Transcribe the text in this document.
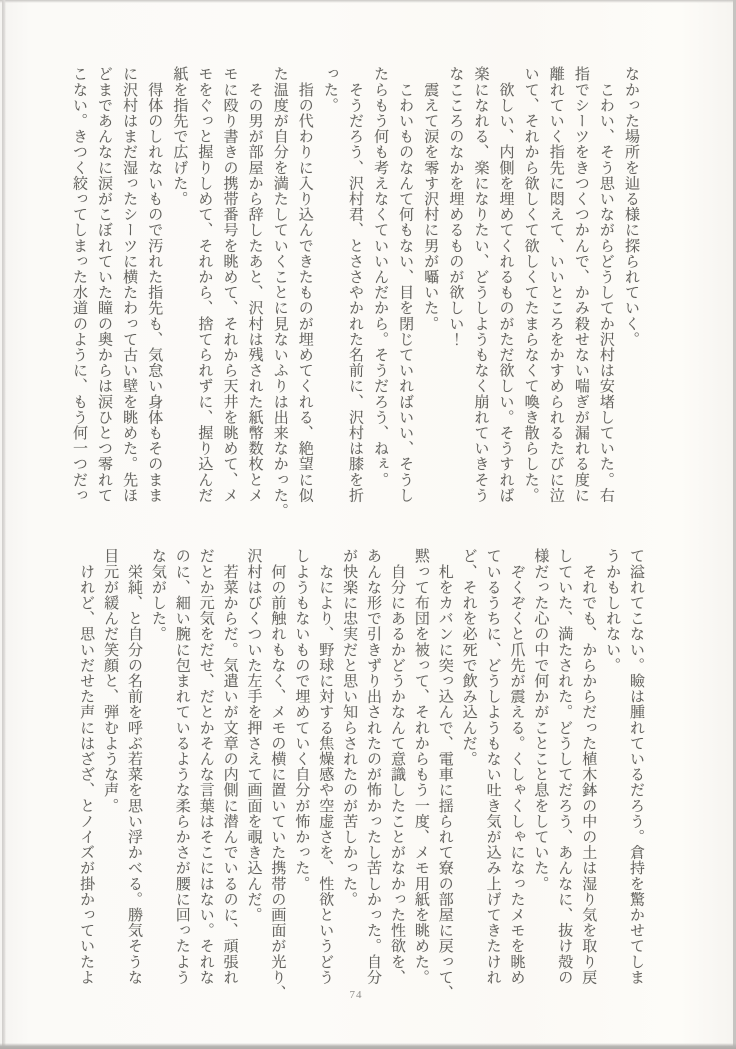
なかった場所を辿る様に探られていく。
　こわい、そう思いながらどうしてか沢村は安堵していた。右
指でシーツをきつくつかんで、かみ殺せない喘ぎが漏れる度に
離れていく指先に悶えて、いいところをかすめられるたびに泣
いて、それから欲しくて欲しくてたまらなくて喚き散らした。
　欲しい、内側を埋めてくれるものがただ欲しい。そうすれば
楽になれる、楽になりたい、どうしようもなく崩れていきそう
なこころのなかを埋めるものが欲しい！
　震えて涙を零す沢村に男が囁いた。
　こわいものなんて何もない、目を閉じていればいい、そうし
たらもう何も考えなくていいんだから。そうだろう、ねぇ。
　そうだろう、沢村君、とささやかれた名前に、沢村は膝を折
った。
　指の代わりに入り込んできたものが埋めてくれる、絶望に似
た温度が自分を満たしていくことに見ないふりは出来なかった。
　その男が部屋から辞したあと、沢村は残された紙幣数枚とメ
モに殴り書きの携帯番号を眺めて、それから天井を眺めて、メ
モをぐっと握りしめて、それから、捨てられずに、握り込んだ
紙を指先で広げた。
　得体のしれないもので汚れた指先も、気怠い身体もそのまま
に沢村はまだ湿ったシーツに横たわって古い壁を眺めた。先ほ
どまであんなに涙がこぼれていた瞳の奥からは涙ひとつ零れて
こない。きつく絞ってしまった水道のように、もう何一つだっ
て溢れてこない。瞼は腫れているだろう。倉持を驚かせてしま
うかもしれない。
　それでも、からからだった植木鉢の中の土は湿り気を取り戻
していた、満たされた。どうしてだろう、あんなに、抜け殻の
様だった心の中で何かがことこと息をしていた。
　ぞくぞくと爪先が震える。くしゃくしゃになったメモを眺め
ているうちに、どうしようもない吐き気が込み上げてきたけれ
ど、それを必死で飲み込んだ。
　札をカバンに突っ込んで、電車に揺られて寮の部屋に戻って、
黙って布団を被って、それからもう一度、メモ用紙を眺めた。
　自分にあるかどうかなんて意識したことがなかった性欲を、
あんな形で引きずり出されたのが怖かったし苦しかった。自分
が快楽に忠実だと思い知らされたのが苦しかった。
　なにより、野球に対する焦燥感や空虚さを、性欲というどう
しようもないもので埋めていく自分が怖かった。
　何の前触れもなく、メモの横に置いていた携帯の画面が光り、
沢村はびくついた左手を押さえて画面を覗き込んだ。
　若菜からだ。気遣いが文章の内側に潜んでいるのに、頑張れ
だとか元気をだせ、だとかそんな言葉はそこにはない。それな
のに、細い腕に包まれているような柔らかさが腰に回ったよう
な気がした。
　栄純、と自分の名前を呼ぶ若菜を思い浮かべる。勝気そうな
目元が緩んだ笑顔と、弾むような声。
　けれど、思いだせた声にはざざ、とノイズが掛かっていたよ
74
